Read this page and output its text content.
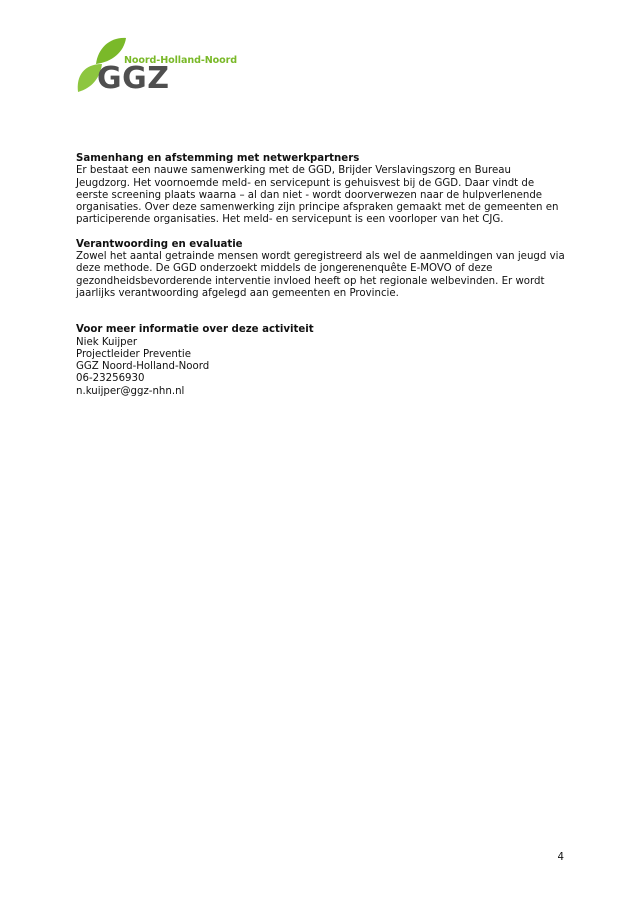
Noord-Holland-Noord
GGZ
Samenhang en afstemming met netwerkpartners

Er bestaat een nauwe samenwerking met de GGD, Brijder Verslavingszorg en Bureau Jeugdzorg. Het voornoemde meld- en servicepunt is gehuisvest bij de GGD. Daar vindt de eerste screening plaats waarna – al dan niet - wordt doorverwezen naar de hulpverlenende organisaties. Over deze samenwerking zijn principe afspraken gemaakt met de gemeenten en participerende organisaties. Het meld- en servicepunt is een voorloper van het CJG.

Verantwoording en evaluatie

Zowel het aantal getrainde mensen wordt geregistreerd als wel de aanmeldingen van jeugd via deze methode. De GGD onderzoekt middels de jongerenenquête E-MOVO of deze gezondheidsbevorderende interventie invloed heeft op het regionale welbevinden. Er wordt jaarlijks verantwoording afgelegd aan gemeenten en Provincie.

Voor meer informatie over deze activiteit
Niek Kuijper
Projectleider Preventie
GGZ Noord-Holland-Noord
06-23256930
n.kuijper@ggz-nhn.nl
4
